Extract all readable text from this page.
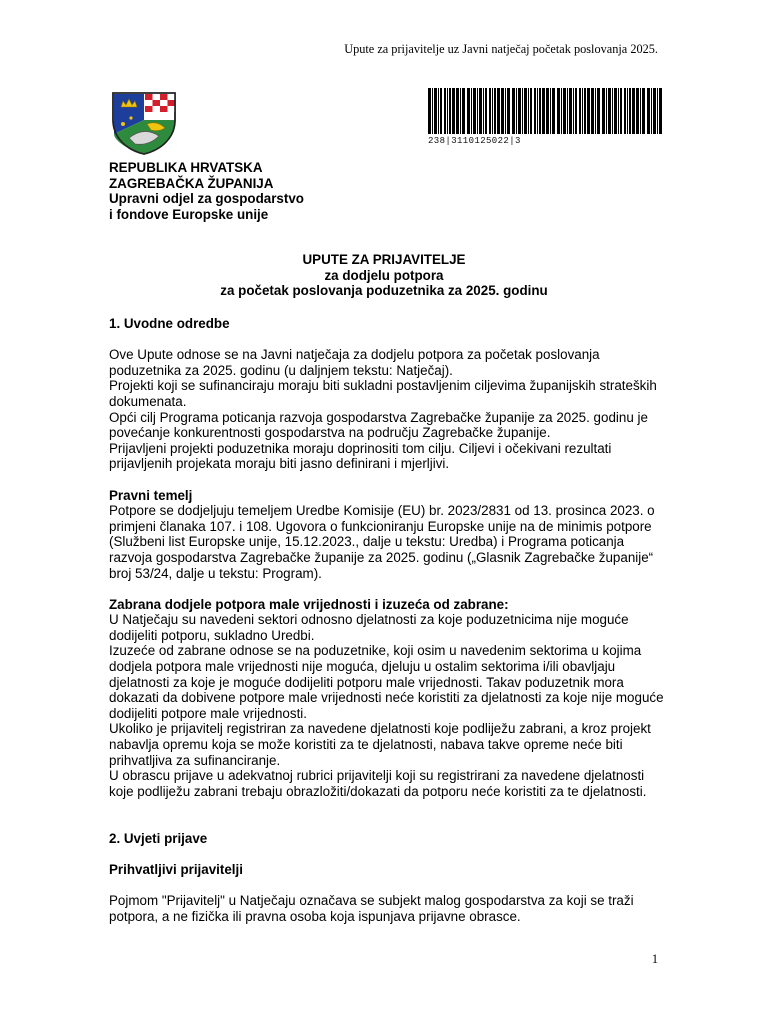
Upute za prijavitelje uz Javni natječaj početak poslovanja 2025.
238|3110125022|3
REPUBLIKA HRVATSKA
ZAGREBAČKA ŽUPANIJA
Upravni odjel za gospodarstvo
i fondove Europske unije
UPUTE ZA PRIJAVITELJE
za dodjelu potpora
za početak poslovanja poduzetnika za 2025. godinu

1. Uvodne odredbe

Ove Upute odnose se na Javni natječaja za dodjelu potpora za početak poslovanja poduzetnika za 2025. godinu (u daljnjem tekstu: Natječaj).

Projekti koji se sufinanciraju moraju biti sukladni postavljenim ciljevima županijskih strateških dokumenata.

Opći cilj Programa poticanja razvoja gospodarstva Zagrebačke županije za 2025. godinu je povećanje konkurentnosti gospodarstva na području Zagrebačke županije.

Prijavljeni projekti poduzetnika moraju doprinositi tom cilju. Ciljevi i očekivani rezultati prijavljenih projekata moraju biti jasno definirani i mjerljivi.

Pravni temelj

Potpore se dodjeljuju temeljem Uredbe Komisije (EU) br. 2023/2831 od 13. prosinca 2023. o primjeni članaka 107. i 108. Ugovora o funkcioniranju Europske unije na de minimis potpore (Službeni list Europske unije, 15.12.2023., dalje u tekstu: Uredba) i Programa poticanja razvoja gospodarstva Zagrebačke županije za 2025. godinu („Glasnik Zagrebačke županije“ broj 53/24, dalje u tekstu: Program).

Zabrana dodjele potpora male vrijednosti i izuzeća od zabrane:

U Natječaju su navedeni sektori odnosno djelatnosti za koje poduzetnicima nije moguće dodijeliti potporu, sukladno Uredbi.

Izuzeće od zabrane odnose se na poduzetnike, koji osim u navedenim sektorima u kojima dodjela potpora male vrijednosti nije moguća, djeluju u ostalim sektorima i/ili obavljaju djelatnosti za koje je moguće dodijeliti potporu male vrijednosti. Takav poduzetnik mora dokazati da dobivene potpore male vrijednosti neće koristiti za djelatnosti za koje nije moguće dodijeliti potpore male vrijednosti.

Ukoliko je prijavitelj registriran za navedene djelatnosti koje podliježu zabrani, a kroz projekt nabavlja opremu koja se može koristiti za te djelatnosti, nabava takve opreme neće biti prihvatljiva za sufinanciranje.

U obrascu prijave u adekvatnoj rubrici prijavitelji koji su registrirani za navedene djelatnosti koje podliježu zabrani trebaju obrazložiti/dokazati da potporu neće koristiti za te djelatnosti.

2. Uvjeti prijave

Prihvatljivi prijavitelji

Pojmom "Prijavitelj" u Natječaju označava se subjekt malog gospodarstva za koji se traži potpora, a ne fizička ili pravna osoba koja ispunjava prijavne obrasce.

1
